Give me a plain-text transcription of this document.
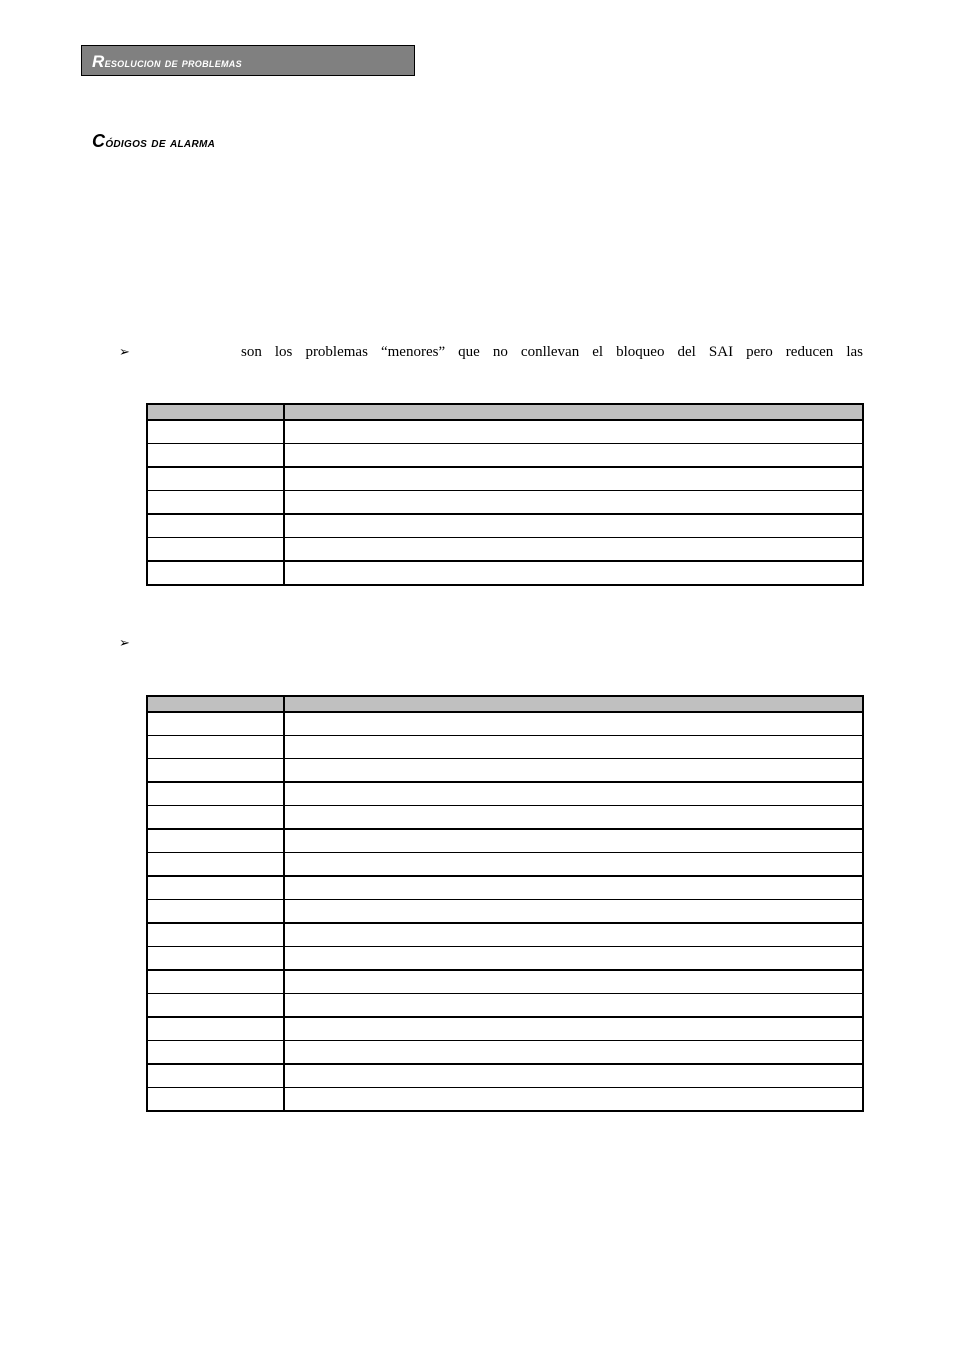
Resolucion de problemas
Códigos de alarma
➢	son los problemas “menores” que no conllevan el bloqueo del SAI pero reducen las

➢
